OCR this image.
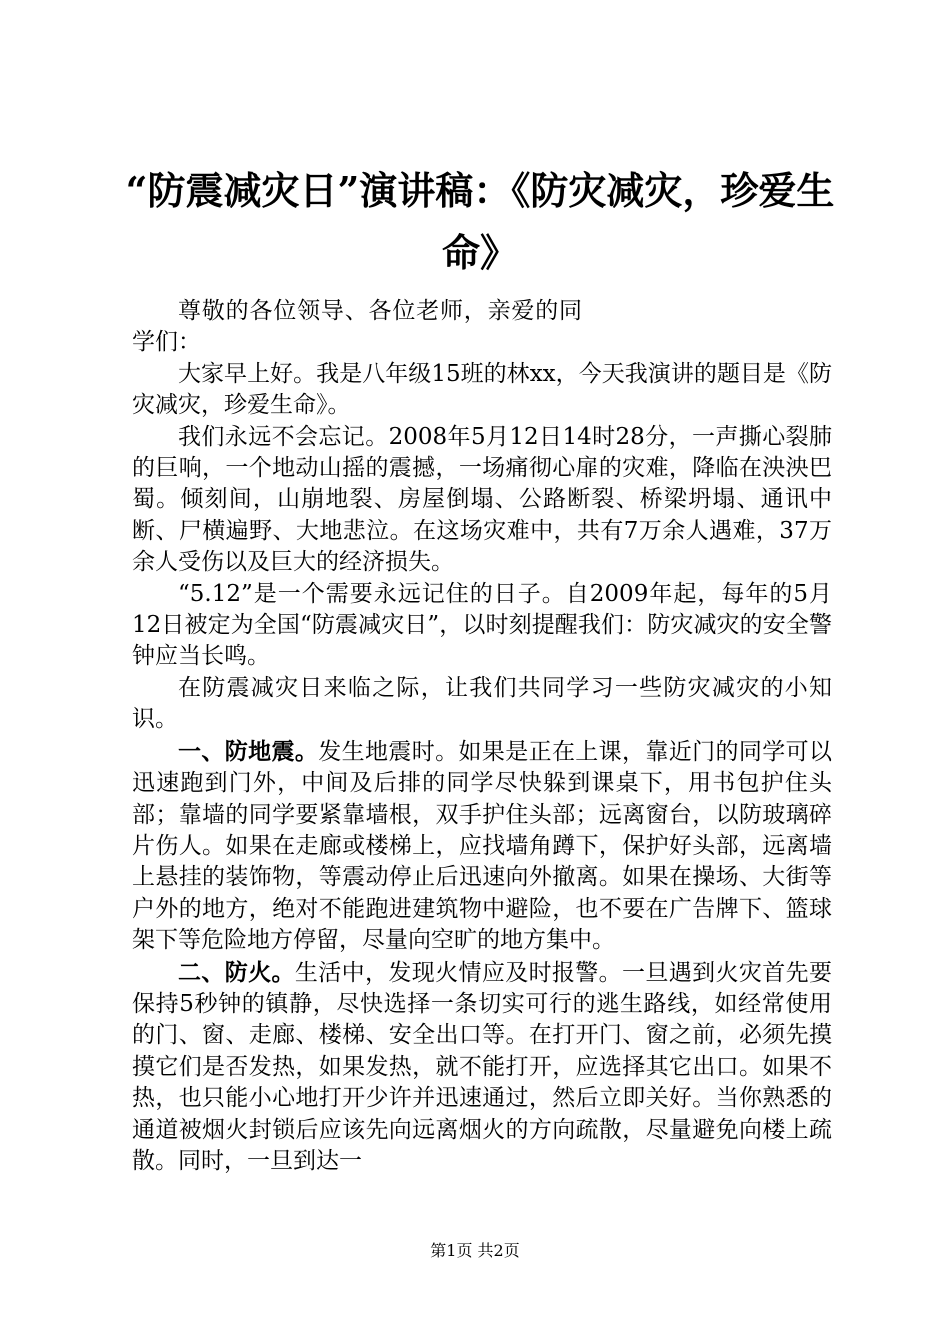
“防震减灾日”演讲稿：《防灾减灾，珍爱生命》

尊敬的各位领导、各位老师，亲爱的同学们：

大家早上好。我是八年级15班的林xx，今天我演讲的题目是《防灾减灾，珍爱生命》。

我们永远不会忘记。2008年5月12日14时28分，一声撕心裂肺的巨响，一个地动山摇的震撼，一场痛彻心扉的灾难，降临在泱泱巴蜀。倾刻间，山崩地裂、房屋倒塌、公路断裂、桥梁坍塌、通讯中断、尸横遍野、大地悲泣。在这场灾难中，共有7万余人遇难，37万余人受伤以及巨大的经济损失。

“5.12”是一个需要永远记住的日子。自2009年起，每年的5月12日被定为全国“防震减灾日”，以时刻提醒我们：防灾减灾的安全警钟应当长鸣。

在防震减灾日来临之际，让我们共同学习一些防灾减灾的小知识。

一、防地震。发生地震时。如果是正在上课，靠近门的同学可以迅速跑到门外，中间及后排的同学尽快躲到课桌下，用书包护住头部；靠墙的同学要紧靠墙根，双手护住头部；远离窗台，以防玻璃碎片伤人。如果在走廊或楼梯上，应找墙角蹲下，保护好头部，远离墙上悬挂的装饰物，等震动停止后迅速向外撤离。如果在操场、大街等户外的地方，绝对不能跑进建筑物中避险，也不要在广告牌下、篮球架下等危险地方停留，尽量向空旷的地方集中。

二、防火。生活中，发现火情应及时报警。一旦遇到火灾首先要保持5秒钟的镇静，尽快选择一条切实可行的逃生路线，如经常使用的门、窗、走廊、楼梯、安全出口等。在打开门、窗之前，必须先摸摸它们是否发热，如果发热，就不能打开，应选择其它出口。如果不热，也只能小心地打开少许并迅速通过，然后立即关好。当你熟悉的通道被烟火封锁后应该先向远离烟火的方向疏散，尽量避免向楼上疏散。同时，一旦到达一

第1页 共2页
